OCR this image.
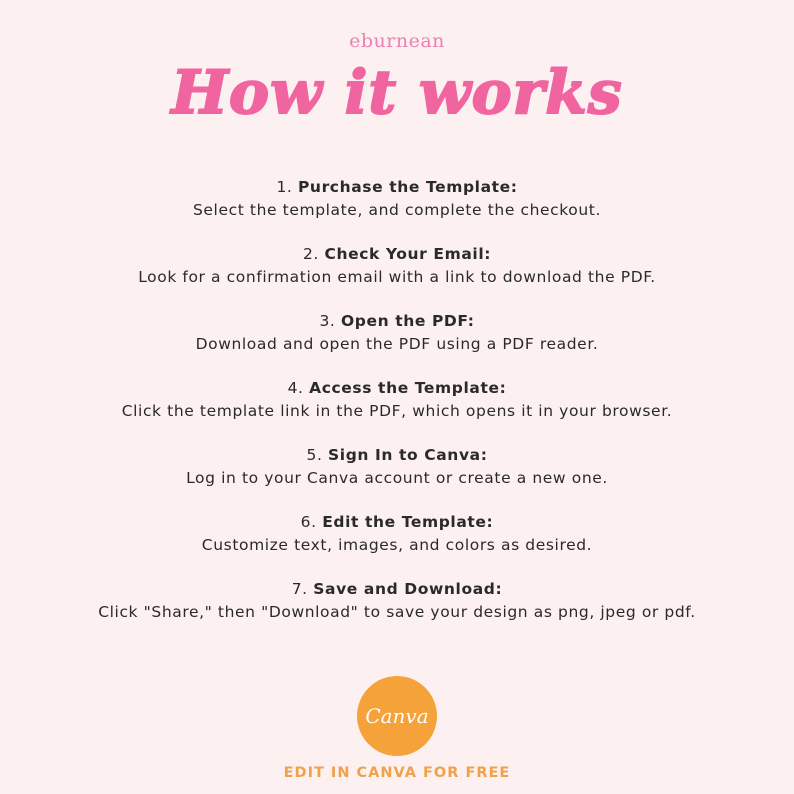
eburnean
How it works
1. Purchase the Template:
Select the template, and complete the checkout.
2. Check Your Email:
Look for a confirmation email with a link to download the PDF.
3. Open the PDF:
Download and open the PDF using a PDF reader.
4. Access the Template:
Click the template link in the PDF, which opens it in your browser.
5. Sign In to Canva:
Log in to your Canva account or create a new one.
6. Edit the Template:
Customize text, images, and colors as desired.
7. Save and Download:
Click "Share," then "Download" to save your design as png, jpeg or pdf.
Canva
EDIT IN CANVA FOR FREE
